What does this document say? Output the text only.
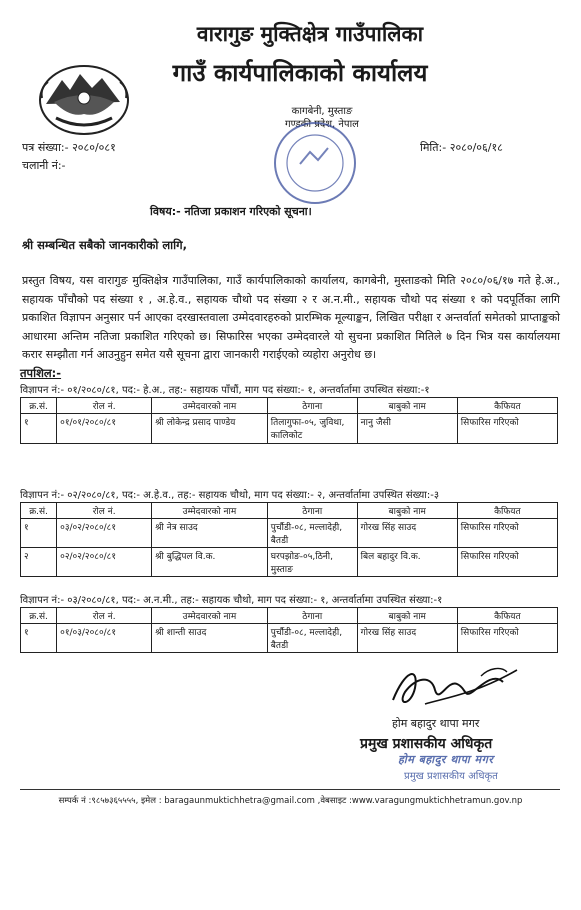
वारागुङ मुक्तिक्षेत्र गाउँपालिका
गाउँ कार्यपालिकाको कार्यालय
कागबेनी, मुस्ताङ
गण्डकी प्रदेश, नेपाल
पत्र संख्या:- २०८०/०८१
चलानी नं:-
मिति:- २०८०/०६/१८
विषय:- नतिजा प्रकाशन गरिएको सूचना।
श्री सम्बन्धित सबैको जानकारीको लागि,
प्रस्तुत विषय, यस वारागुङ मुक्तिक्षेत्र गाउँपालिका, गाउँ कार्यपालिकाको कार्यालय, कागबेनी, मुस्ताङको मिति २०८०/०६/१७ गते हे.अ., सहायक पाँचौको पद संख्या १ , अ.हे.व., सहायक चौथो पद संख्या २ र अ.न.मी., सहायक चौथो पद संख्या १ को पदपूर्तिका लागि प्रकाशित विज्ञापन अनुसार पर्न आएका दरखास्तवाला उम्मेदवारहरुको प्रारम्भिक मूल्याङ्कन, लिखित परीक्षा र अन्तर्वार्ता समेतको प्राप्ताङ्कको आधारमा अन्तिम नतिजा प्रकाशित गरिएको छ। सिफारिस भएका उम्मेदवारले यो सुचना प्रकाशित मितिले ७ दिन भित्र यस कार्यालयमा करार सम्झौता गर्न आउनुहुन समेत यसै सूचना द्वारा जानकारी गराईएको व्यहोरा अनुरोध छ।
तपशिल:-
विज्ञापन नं:- ०१/२०८०/८१, पद:- हे.अ., तह:- सहायक पाँचौं, माग पद संख्या:- १, अन्तर्वार्तामा उपस्थित संख्या:-१
क्र.सं.	रोल नं.	उम्मेदवारको नाम	ठेगाना	बाबुको नाम	कैफियत
१	०१/०१/२०८०/८१	श्री लोकेन्द्र प्रसाद पाण्डेय	तिलागुफा-०५, जुविथा, कालिकोट	नानु जैसी	सिफारिस गरिएको
विज्ञापन नं:- ०२/२०८०/८१, पद:- अ.हे.व., तह:- सहायक चौथो, माग पद संख्या:- २, अन्तर्वार्तामा उपस्थित संख्या:-३
क्र.सं.	रोल नं.	उम्मेदवारको नाम	ठेगाना	बाबुको नाम	कैफियत
१	०३/०२/२०८०/८१	श्री नेत्र साउद	पुर्चौडी-०८, मल्लादेही, बैतडी	गोरख सिंह साउद	सिफारिस गरिएको
२	०२/०२/२०८०/८१	श्री बुद्धिपल वि.क.	घरपझोङ-०५,ठिनी, मुस्ताङ	बिल बहादुर वि.क.	सिफारिस गरिएको
विज्ञापन नं:- ०३/२०८०/८१, पद:- अ.न.मी., तह:- सहायक चौथो, माग पद संख्या:- १, अन्तर्वार्तामा उपस्थित संख्या:-१
क्र.सं.	रोल नं.	उम्मेदवारको नाम	ठेगाना	बाबुको नाम	कैफियत
१	०१/०३/२०८०/८१	श्री शान्ती साउद	पुर्चौडी-०८, मल्लादेही, बैतडी	गोरख सिंह साउद	सिफारिस गरिएको
होम बहादुर थापा मगर
प्रमुख प्रशासकीय अधिकृत
होम बहादुर थापा मगर
प्रमुख प्रशासकीय अधिकृत
सम्पर्क नं :९८५७३६५५५५, इमेल : baragaunmuktichhetra@gmail.com ,वेबसाइट :www.varagungmuktichhetramun.gov.np
